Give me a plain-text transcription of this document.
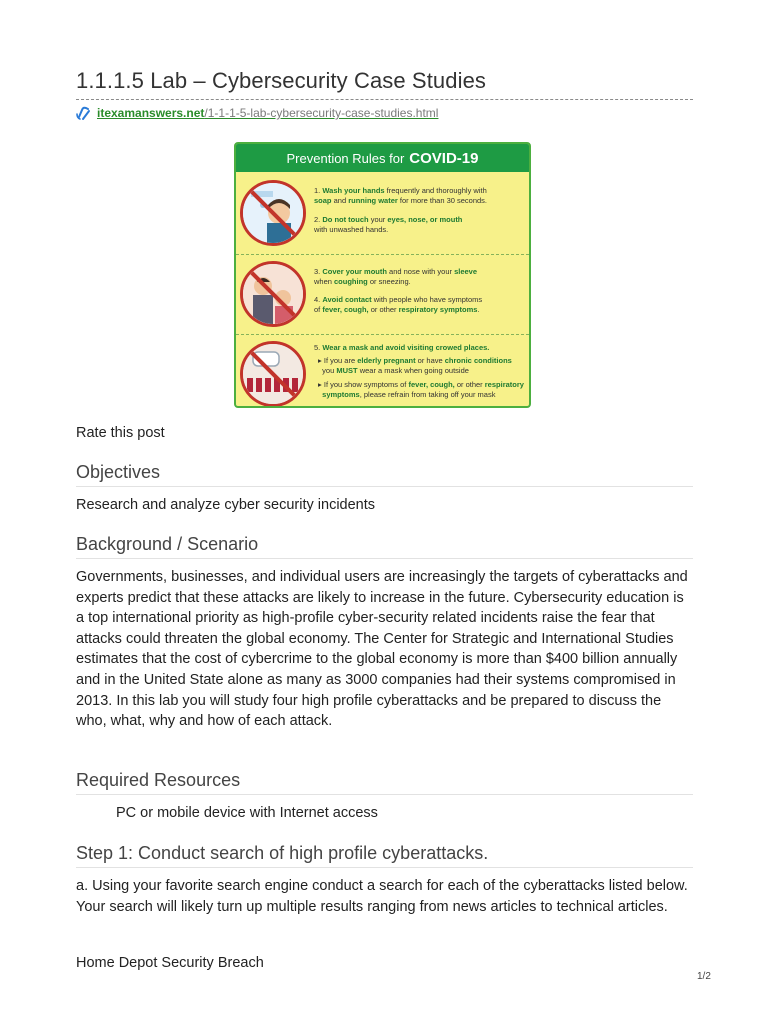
1.1.1.5 Lab – Cybersecurity Case Studies
itexamanswers.net/1-1-1-5-lab-cybersecurity-case-studies.html
Prevention Rules for COVID-19
1. Wash your hands frequently and thoroughly with
soap and running water for more than 30 seconds.
2. Do not touch your eyes, nose, or mouth
with unwashed hands.
3. Cover your mouth and nose with your sleeve
when coughing or sneezing.
4. Avoid contact with people who have symptoms
of fever, cough, or other respiratory symptoms.
5. Wear a mask and avoid visiting crowed places.
▸ If you are elderly pregnant or have chronic conditions
you MUST wear a mask when going outside
▸ If you show symptoms of fever, cough, or other respiratory
symptoms, please refrain from taking off your mask
Rate this post
Objectives
Research and analyze cyber security incidents
Background / Scenario
Governments, businesses, and individual users are increasingly the targets of cyberattacks and experts predict that these attacks are likely to increase in the future. Cybersecurity education is a top international priority as high-profile cyber-security related incidents raise the fear that attacks could threaten the global economy. The Center for Strategic and International Studies estimates that the cost of cybercrime to the global economy is more than $400 billion annually and in the United State alone as many as 3000 companies had their systems compromised in 2013. In this lab you will study four high profile cyberattacks and be prepared to discuss the who, what, why and how of each attack.
Required Resources
PC or mobile device with Internet access
Step 1: Conduct search of high profile cyberattacks.
a. Using your favorite search engine conduct a search for each of the cyberattacks listed below. Your search will likely turn up multiple results ranging from news articles to technical articles.
Home Depot Security Breach
1/2
